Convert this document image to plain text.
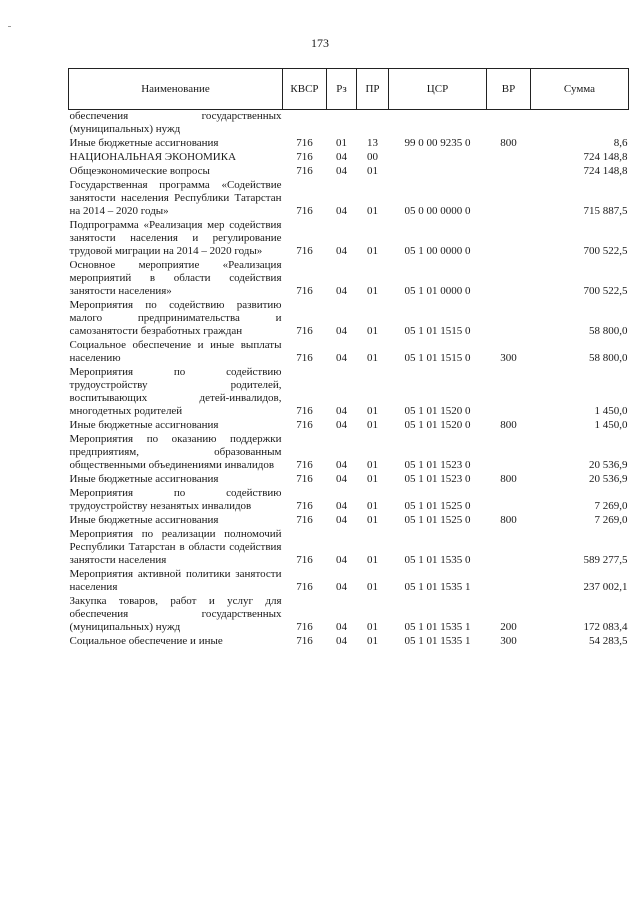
173
Наименование	КВСР	Рз	ПР	ЦСР	ВР	Сумма
обеспечения государственных (муниципальных) нужд						
Иные бюджетные ассигнования	716	01	13	99 0 00 9235 0	800	8,6
НАЦИОНАЛЬНАЯ ЭКОНОМИКА	716	04	00			724 148,8
Общеэкономические вопросы	716	04	01			724 148,8
Государственная программа «Содействие занятости населения Республики Татарстан на 2014 – 2020 годы»	716	04	01	05 0 00 0000 0		715 887,5
Подпрограмма «Реализация мер содействия занятости населения и регулирование трудовой миграции на 2014 – 2020 годы»	716	04	01	05 1 00 0000 0		700 522,5
Основное мероприятие «Реализация мероприятий в области содействия занятости населения»	716	04	01	05 1 01 0000 0		700 522,5
Мероприятия по содействию развитию малого предпринимательства и самозанятости безработных граждан	716	04	01	05 1 01 1515 0		58 800,0
Социальное обеспечение и иные выплаты населению	716	04	01	05 1 01 1515 0	300	58 800,0
Мероприятия по содействию трудоустройству родителей, воспитывающих детей-инвалидов, многодетных родителей	716	04	01	05 1 01 1520 0		1 450,0
Иные бюджетные ассигнования	716	04	01	05 1 01 1520 0	800	1 450,0
Мероприятия по оказанию поддержки предприятиям, образованным общественными объединениями инвалидов	716	04	01	05 1 01 1523 0		20 536,9
Иные бюджетные ассигнования	716	04	01	05 1 01 1523 0	800	20 536,9
Мероприятия по содействию трудоустройству незанятых инвалидов	716	04	01	05 1 01 1525 0		7 269,0
Иные бюджетные ассигнования	716	04	01	05 1 01 1525 0	800	7 269,0
Мероприятия по реализации полномочий Республики Татарстан в области содействия занятости населения	716	04	01	05 1 01 1535 0		589 277,5
Мероприятия активной политики занятости населения	716	04	01	05 1 01 1535 1		237 002,1
Закупка товаров, работ и услуг для обеспечения государственных (муниципальных) нужд	716	04	01	05 1 01 1535 1	200	172 083,4
Социальное обеспечение и иные	716	04	01	05 1 01 1535 1	300	54 283,5
